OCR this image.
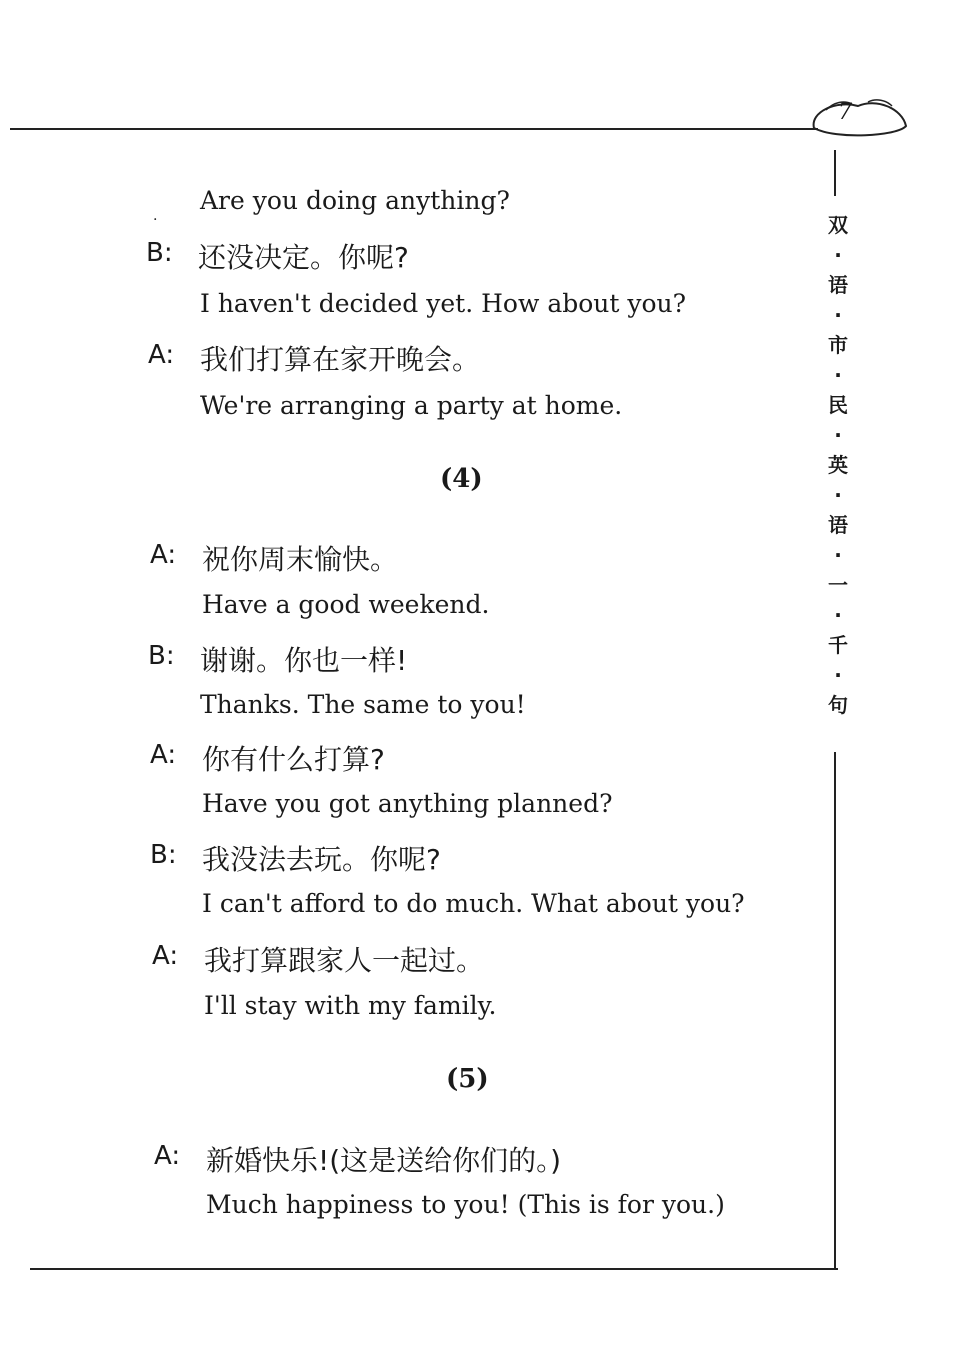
7
双
·
语
·
市
·
民
·
英
·
语
·
一
·
千
·
句
.
Are you doing anything?
B: 还没决定。你呢?
I haven't decided yet. How about you?
A: 我们打算在家开晚会。
We're arranging a party at home.
(4)
A: 祝你周末愉快。
Have a good weekend.
B: 谢谢。你也一样!
Thanks. The same to you!
A: 你有什么打算?
Have you got anything planned?
B: 我没法去玩。你呢?
I can't afford to do much. What about you?
A: 我打算跟家人一起过。
I'll stay with my family.
(5)
A: 新婚快乐!(这是送给你们的。)
Much happiness to you! (This is for you.)
